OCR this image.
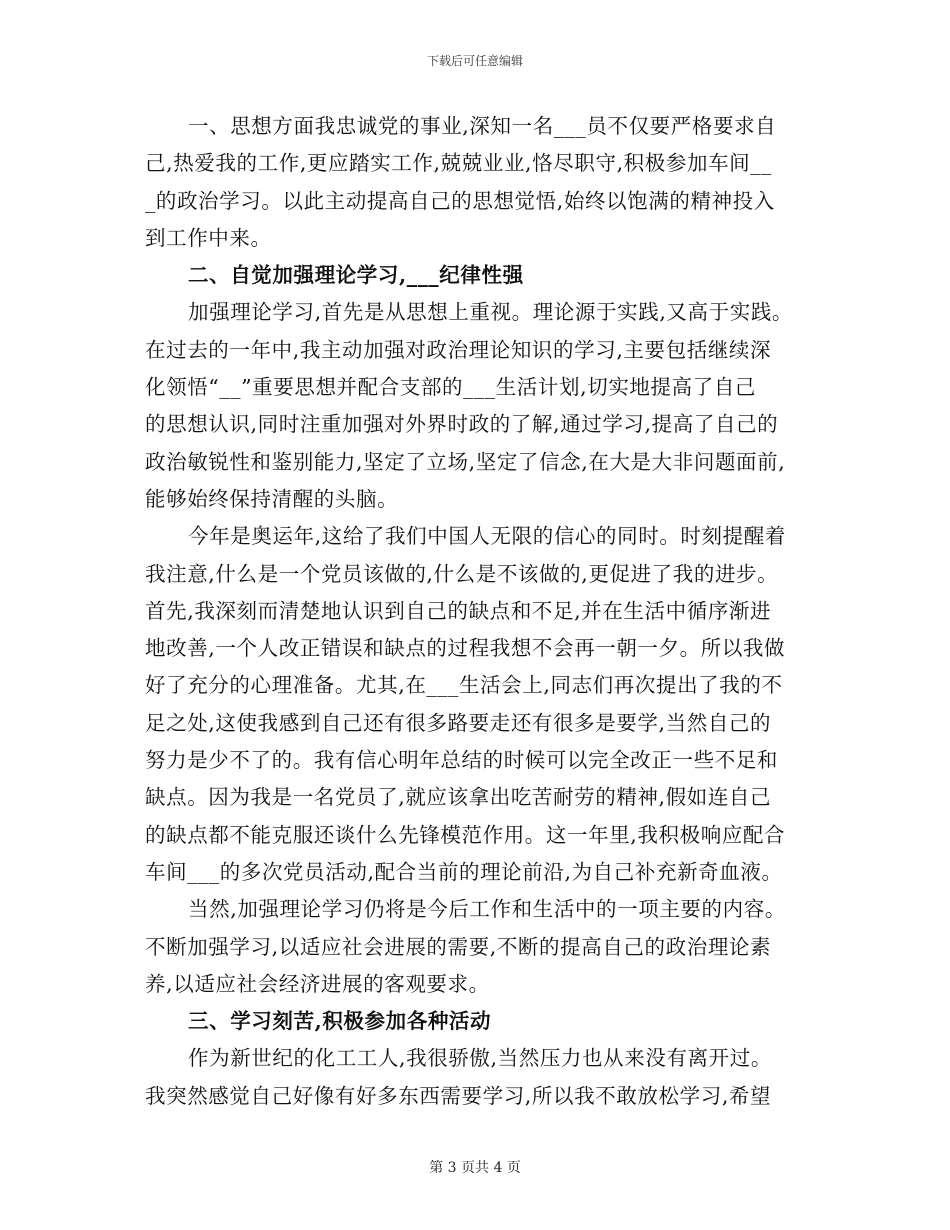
下载后可任意编辑
一、思想方面我忠诚党的事业,深知一名___员不仅要严格要求自
己,热爱我的工作,更应踏实工作,兢兢业业,恪尽职守,积极参加车间__
_的政治学习。以此主动提高自己的思想觉悟,始终以饱满的精神投入
到工作中来。
二、自觉加强理论学习,___纪律性强
加强理论学习,首先是从思想上重视。理论源于实践,又高于实践。
在过去的一年中,我主动加强对政治理论知识的学习,主要包括继续深
化领悟“__”重要思想并配合支部的___生活计划,切实地提高了自己
的思想认识,同时注重加强对外界时政的了解,通过学习,提高了自己的
政治敏锐性和鉴别能力,坚定了立场,坚定了信念,在大是大非问题面前,
能够始终保持清醒的头脑。
今年是奥运年,这给了我们中国人无限的信心的同时。时刻提醒着
我注意,什么是一个党员该做的,什么是不该做的,更促进了我的进步。
首先,我深刻而清楚地认识到自己的缺点和不足,并在生活中循序渐进
地改善,一个人改正错误和缺点的过程我想不会再一朝一夕。所以我做
好了充分的心理准备。尤其,在___生活会上,同志们再次提出了我的不
足之处,这使我感到自己还有很多路要走还有很多是要学,当然自己的
努力是少不了的。我有信心明年总结的时候可以完全改正一些不足和
缺点。因为我是一名党员了,就应该拿出吃苦耐劳的精神,假如连自己
的缺点都不能克服还谈什么先锋模范作用。这一年里,我积极响应配合
车间___的多次党员活动,配合当前的理论前沿,为自己补充新奇血液。
当然,加强理论学习仍将是今后工作和生活中的一项主要的内容。
不断加强学习,以适应社会进展的需要,不断的提高自己的政治理论素
养,以适应社会经济进展的客观要求。
三、学习刻苦,积极参加各种活动
作为新世纪的化工工人,我很骄傲,当然压力也从来没有离开过。
我突然感觉自己好像有好多东西需要学习,所以我不敢放松学习,希望
第 3 页共 4 页
